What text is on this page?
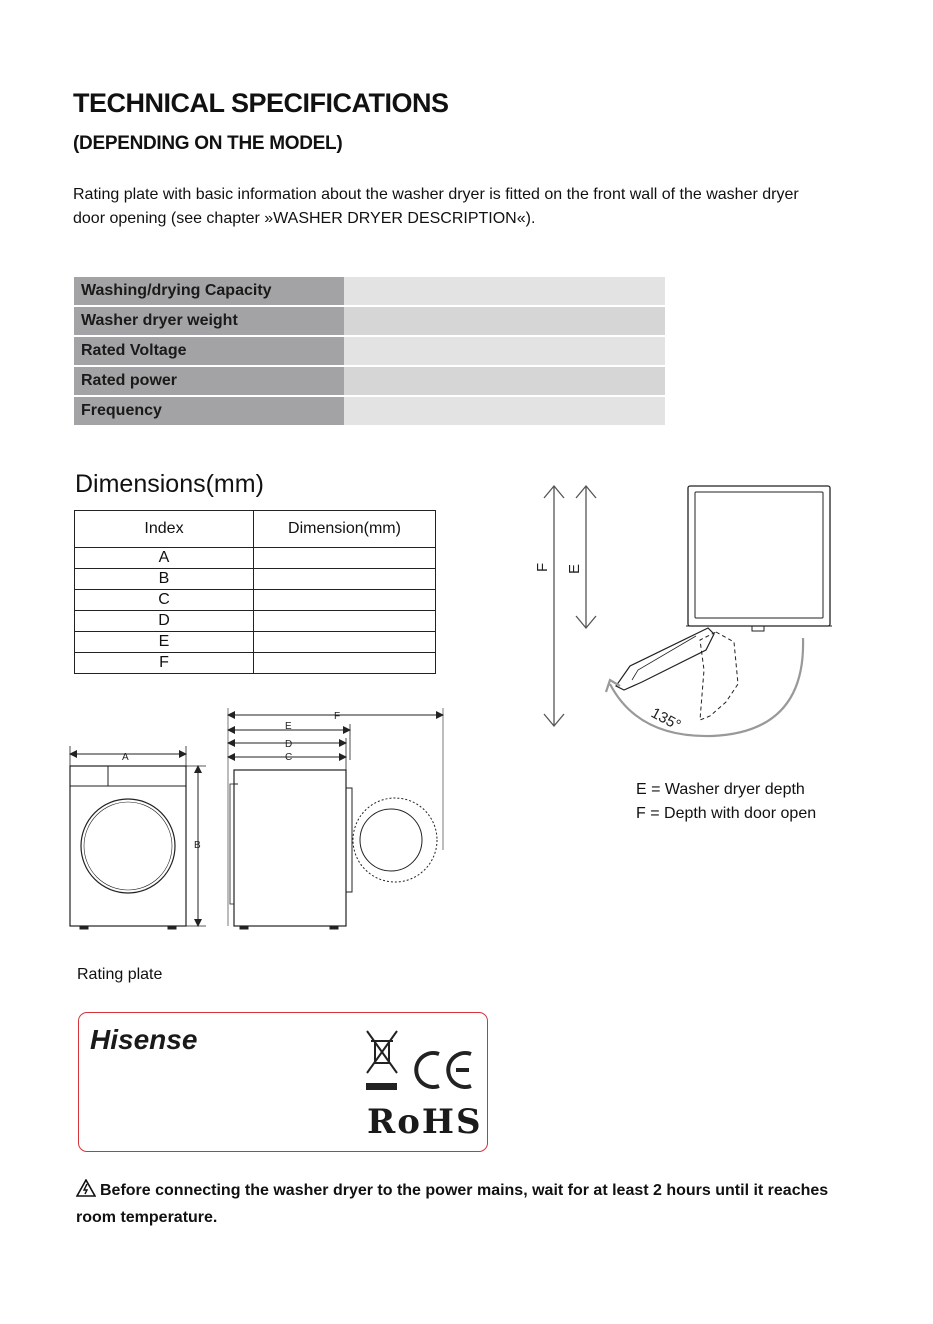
TECHNICAL SPECIFICATIONS
(DEPENDING ON THE MODEL)
Rating plate with basic information about the washer dryer is fitted on the front wall of the washer dryer door opening (see chapter »WASHER DRYER DESCRIPTION«).
Washing/drying Capacity	
Washer dryer weight	
Rated Voltage	
Rated power	
Frequency	
Dimensions(mm)
Index	Dimension(mm)
A	
B	
C	
D	
E	
F	
A
B
F
E
D
C
F E
135°
E = Washer dryer depth
F = Depth with door open
Rating plate
Hisense
RoHS
Before connecting the washer dryer to the power mains, wait for at least 2 hours until it reaches room temperature.
